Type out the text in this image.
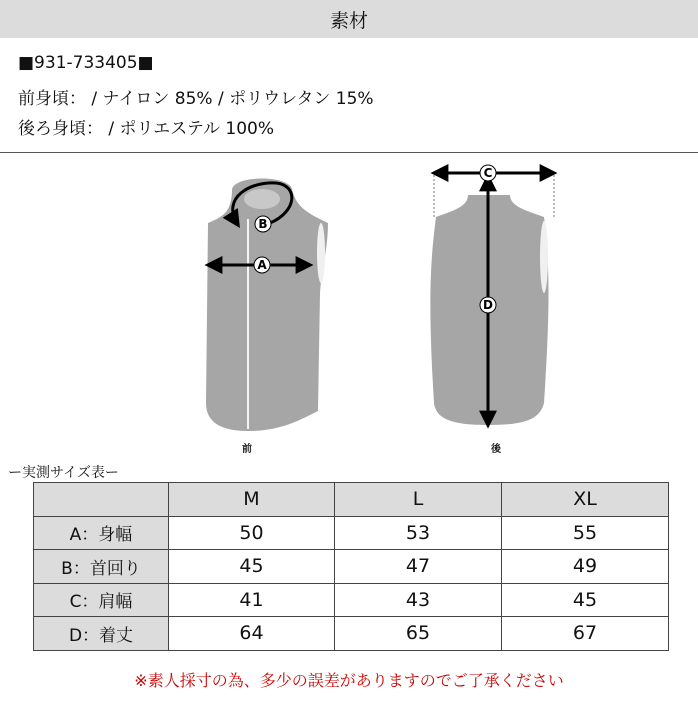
素材
■931-733405■
前身頃： / ナイロン 85% / ポリウレタン 15%
後ろ身頃： / ポリエステル 100%
B
A
C
D
前	後
ー実測サイズ表ー
	M	L	XL
A：身幅	50	53	55
B：首回り	45	47	49
C：肩幅	41	43	45
D：着丈	64	65	67
※素人採寸の為、多少の誤差がありますのでご了承ください
